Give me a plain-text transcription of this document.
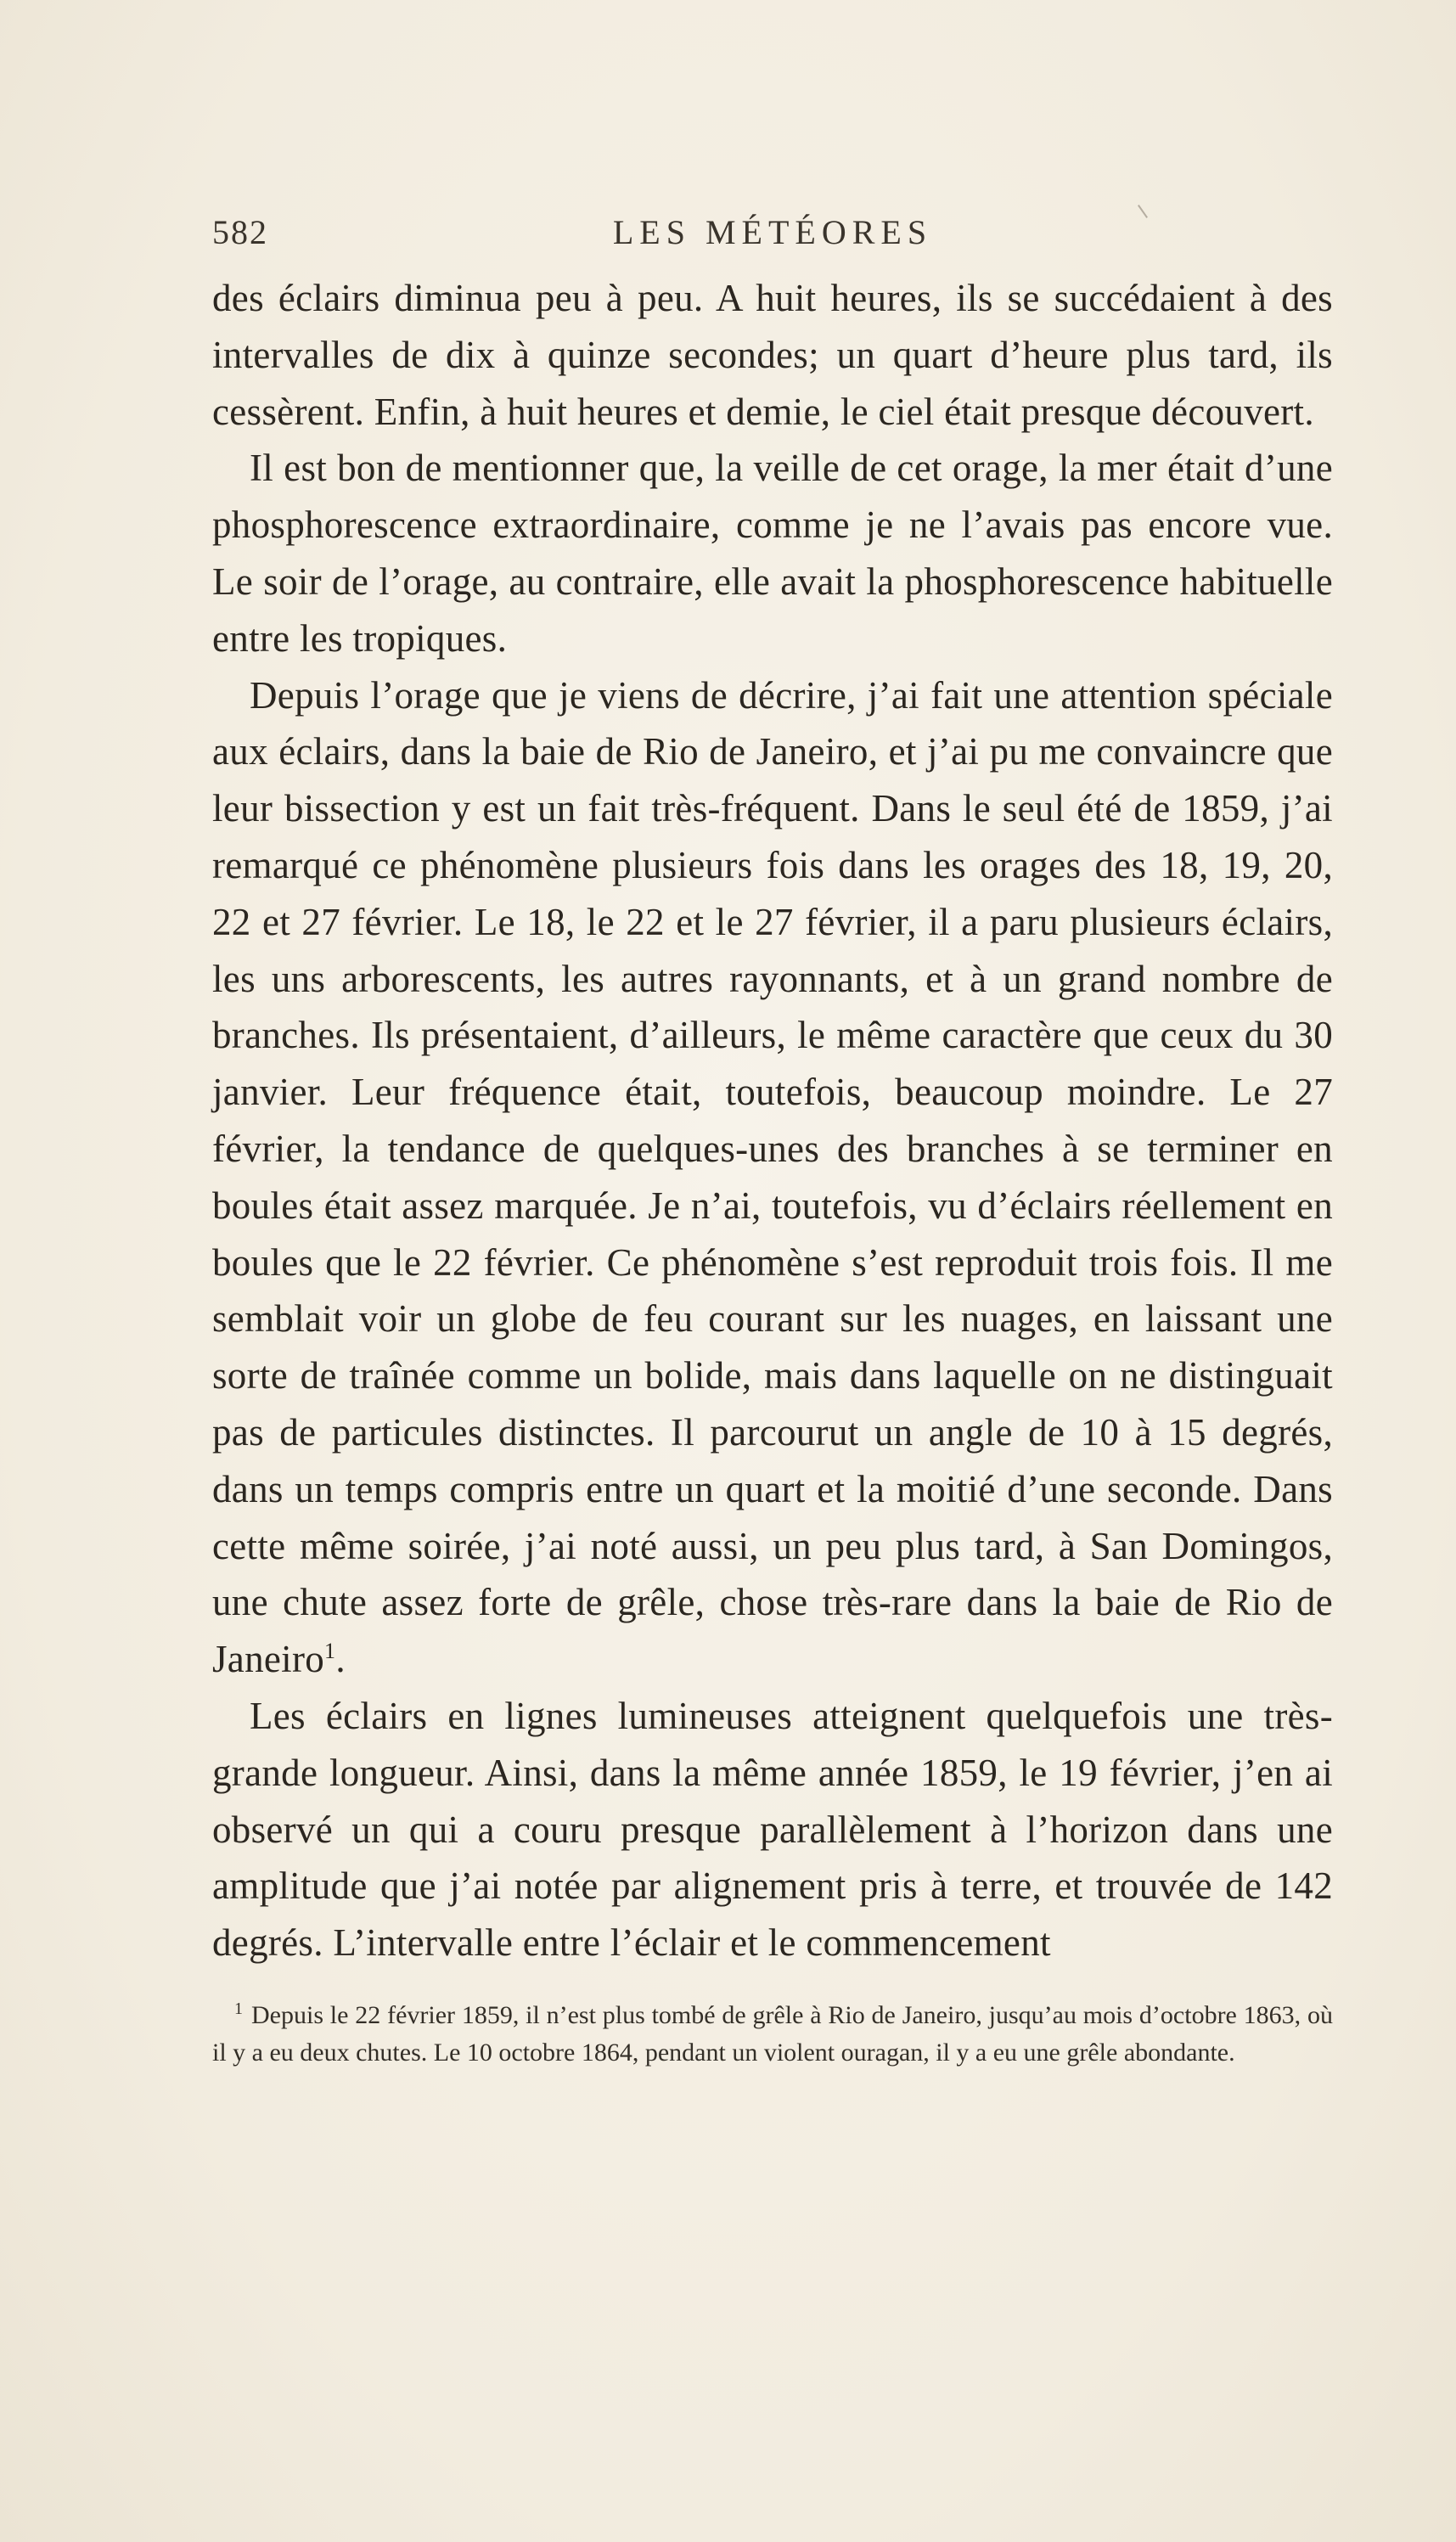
582	LES MÉTÉORES

des éclairs diminua peu à peu. A huit heures, ils se succédaient à des intervalles de dix à quinze secondes; un quart d’heure plus tard, ils cessèrent. Enfin, à huit heures et demie, le ciel était presque découvert.

Il est bon de mentionner que, la veille de cet orage, la mer était d’une phosphorescence extraordinaire, comme je ne l’avais pas encore vue. Le soir de l’orage, au contraire, elle avait la phosphorescence habituelle entre les tropiques.

Depuis l’orage que je viens de décrire, j’ai fait une attention spéciale aux éclairs, dans la baie de Rio de Janeiro, et j’ai pu me convaincre que leur bissection y est un fait très-fréquent. Dans le seul été de 1859, j’ai remarqué ce phénomène plusieurs fois dans les orages des 18, 19, 20, 22 et 27 février. Le 18, le 22 et le 27 février, il a paru plusieurs éclairs, les uns arborescents, les autres rayonnants, et à un grand nombre de branches. Ils présentaient, d’ailleurs, le même caractère que ceux du 30 janvier. Leur fréquence était, toutefois, beaucoup moindre. Le 27 février, la tendance de quelques-unes des branches à se terminer en boules était assez marquée. Je n’ai, toutefois, vu d’éclairs réellement en boules que le 22 février. Ce phénomène s’est reproduit trois fois. Il me semblait voir un globe de feu courant sur les nuages, en laissant une sorte de traînée comme un bolide, mais dans laquelle on ne distinguait pas de particules distinctes. Il parcourut un angle de 10 à 15 degrés, dans un temps compris entre un quart et la moitié d’une seconde. Dans cette même soirée, j’ai noté aussi, un peu plus tard, à San Domingos, une chute assez forte de grêle, chose très-rare dans la baie de Rio de Janeiro$^1$.

Les éclairs en lignes lumineuses atteignent quelquefois une très-grande longueur. Ainsi, dans la même année 1859, le 19 février, j’en ai observé un qui a couru presque parallèlement à l’horizon dans une amplitude que j’ai notée par alignement pris à terre, et trouvée de 142 degrés. L’intervalle entre l’éclair et le commencement

$^1$ Depuis le 22 février 1859, il n’est plus tombé de grêle à Rio de Janeiro, jusqu’au mois d’octobre 1863, où il y a eu deux chutes. Le 10 octobre 1864, pendant un violent ouragan, il y a eu une grêle abondante.
